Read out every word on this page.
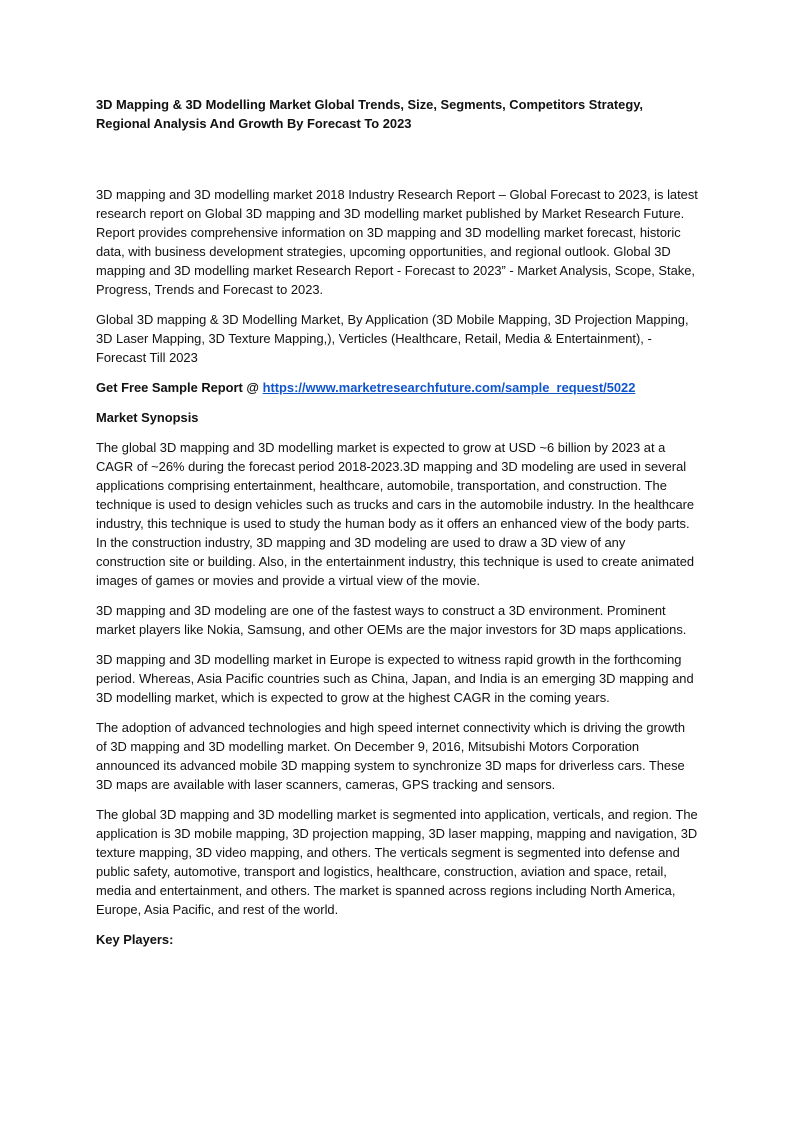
3D Mapping & 3D Modelling Market Global Trends, Size, Segments, Competitors Strategy, Regional Analysis And Growth By Forecast To 2023

3D mapping and 3D modelling market 2018 Industry Research Report – Global Forecast to 2023, is latest research report on Global 3D mapping and 3D modelling market published by Market Research Future. Report provides comprehensive information on 3D mapping and 3D modelling market forecast, historic data, with business development strategies, upcoming opportunities, and regional outlook. Global 3D mapping and 3D modelling market Research Report - Forecast to 2023” - Market Analysis, Scope, Stake, Progress, Trends and Forecast to 2023.

Global 3D mapping & 3D Modelling Market, By Application (3D Mobile Mapping, 3D Projection Mapping, 3D Laser Mapping, 3D Texture Mapping,), Verticles (Healthcare, Retail, Media & Entertainment), - Forecast Till 2023

Get Free Sample Report @ https://www.marketresearchfuture.com/sample_request/5022

Market Synopsis

The global 3D mapping and 3D modelling market is expected to grow at USD ~6 billion by 2023 at a CAGR of ~26% during the forecast period 2018-2023.3D mapping and 3D modeling are used in several applications comprising entertainment, healthcare, automobile, transportation, and construction. The technique is used to design vehicles such as trucks and cars in the automobile industry. In the healthcare industry, this technique is used to study the human body as it offers an enhanced view of the body parts. In the construction industry, 3D mapping and 3D modeling are used to draw a 3D view of any construction site or building. Also, in the entertainment industry, this technique is used to create animated images of games or movies and provide a virtual view of the movie.

3D mapping and 3D modeling are one of the fastest ways to construct a 3D environment. Prominent market players like Nokia, Samsung, and other OEMs are the major investors for 3D maps applications.

3D mapping and 3D modelling market in Europe is expected to witness rapid growth in the forthcoming period. Whereas, Asia Pacific countries such as China, Japan, and India is an emerging 3D mapping and 3D modelling market, which is expected to grow at the highest CAGR in the coming years.

The adoption of advanced technologies and high speed internet connectivity which is driving the growth of 3D mapping and 3D modelling market. On December 9, 2016, Mitsubishi Motors Corporation announced its advanced mobile 3D mapping system to synchronize 3D maps for driverless cars. These 3D maps are available with laser scanners, cameras, GPS tracking and sensors.

The global 3D mapping and 3D modelling market is segmented into application, verticals, and region. The application is 3D mobile mapping, 3D projection mapping, 3D laser mapping, mapping and navigation, 3D texture mapping, 3D video mapping, and others. The verticals segment is segmented into defense and public safety, automotive, transport and logistics, healthcare, construction, aviation and space, retail, media and entertainment, and others. The market is spanned across regions including North America, Europe, Asia Pacific, and rest of the world.

Key Players:
